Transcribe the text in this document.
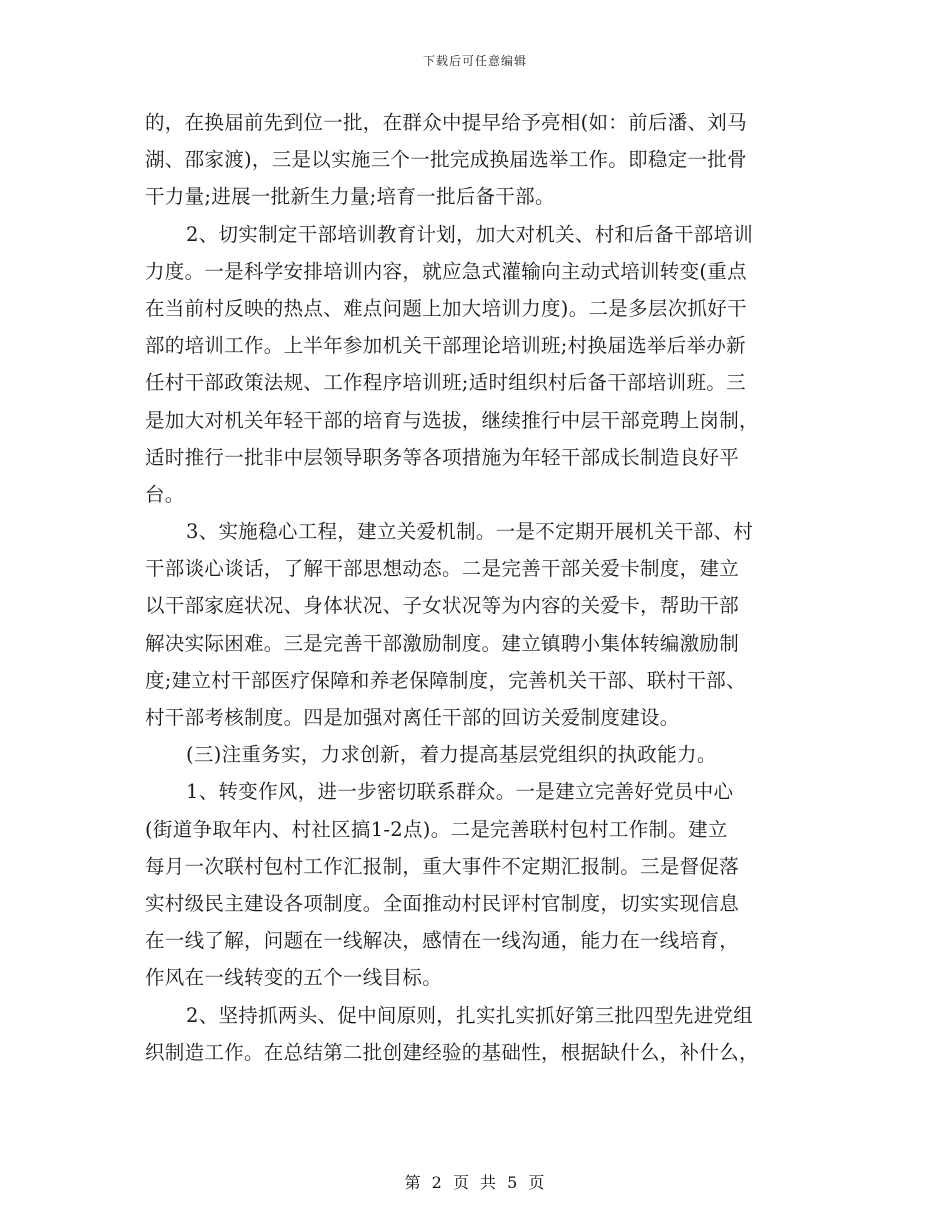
下载后可任意编辑
的，在换届前先到位一批，在群众中提早给予亮相(如：前后潘、刘马
湖、邵家渡)，三是以实施三个一批完成换届选举工作。即稳定一批骨
干力量;进展一批新生力量;培育一批后备干部。
2、切实制定干部培训教育计划，加大对机关、村和后备干部培训
力度。一是科学安排培训内容，就应急式灌输向主动式培训转变(重点
在当前村反映的热点、难点问题上加大培训力度)。二是多层次抓好干
部的培训工作。上半年参加机关干部理论培训班;村换届选举后举办新
任村干部政策法规、工作程序培训班;适时组织村后备干部培训班。三
是加大对机关年轻干部的培育与选拔，继续推行中层干部竞聘上岗制，
适时推行一批非中层领导职务等各项措施为年轻干部成长制造良好平
台。
3、实施稳心工程，建立关爱机制。一是不定期开展机关干部、村
干部谈心谈话，了解干部思想动态。二是完善干部关爱卡制度，建立
以干部家庭状况、身体状况、子女状况等为内容的关爱卡，帮助干部
解决实际困难。三是完善干部激励制度。建立镇聘小集体转编激励制
度;建立村干部医疗保障和养老保障制度，完善机关干部、联村干部、
村干部考核制度。四是加强对离任干部的回访关爱制度建设。
(三)注重务实，力求创新，着力提高基层党组织的执政能力。
1、转变作风，进一步密切联系群众。一是建立完善好党员中心
(街道争取年内、村社区搞1-2点)。二是完善联村包村工作制。建立
每月一次联村包村工作汇报制，重大事件不定期汇报制。三是督促落
实村级民主建设各项制度。全面推动村民评村官制度，切实实现信息
在一线了解，问题在一线解决，感情在一线沟通，能力在一线培育，
作风在一线转变的五个一线目标。
2、坚持抓两头、促中间原则，扎实扎实抓好第三批四型先进党组
织制造工作。在总结第二批创建经验的基础性，根据缺什么，补什么，
第 2 页 共 5 页
